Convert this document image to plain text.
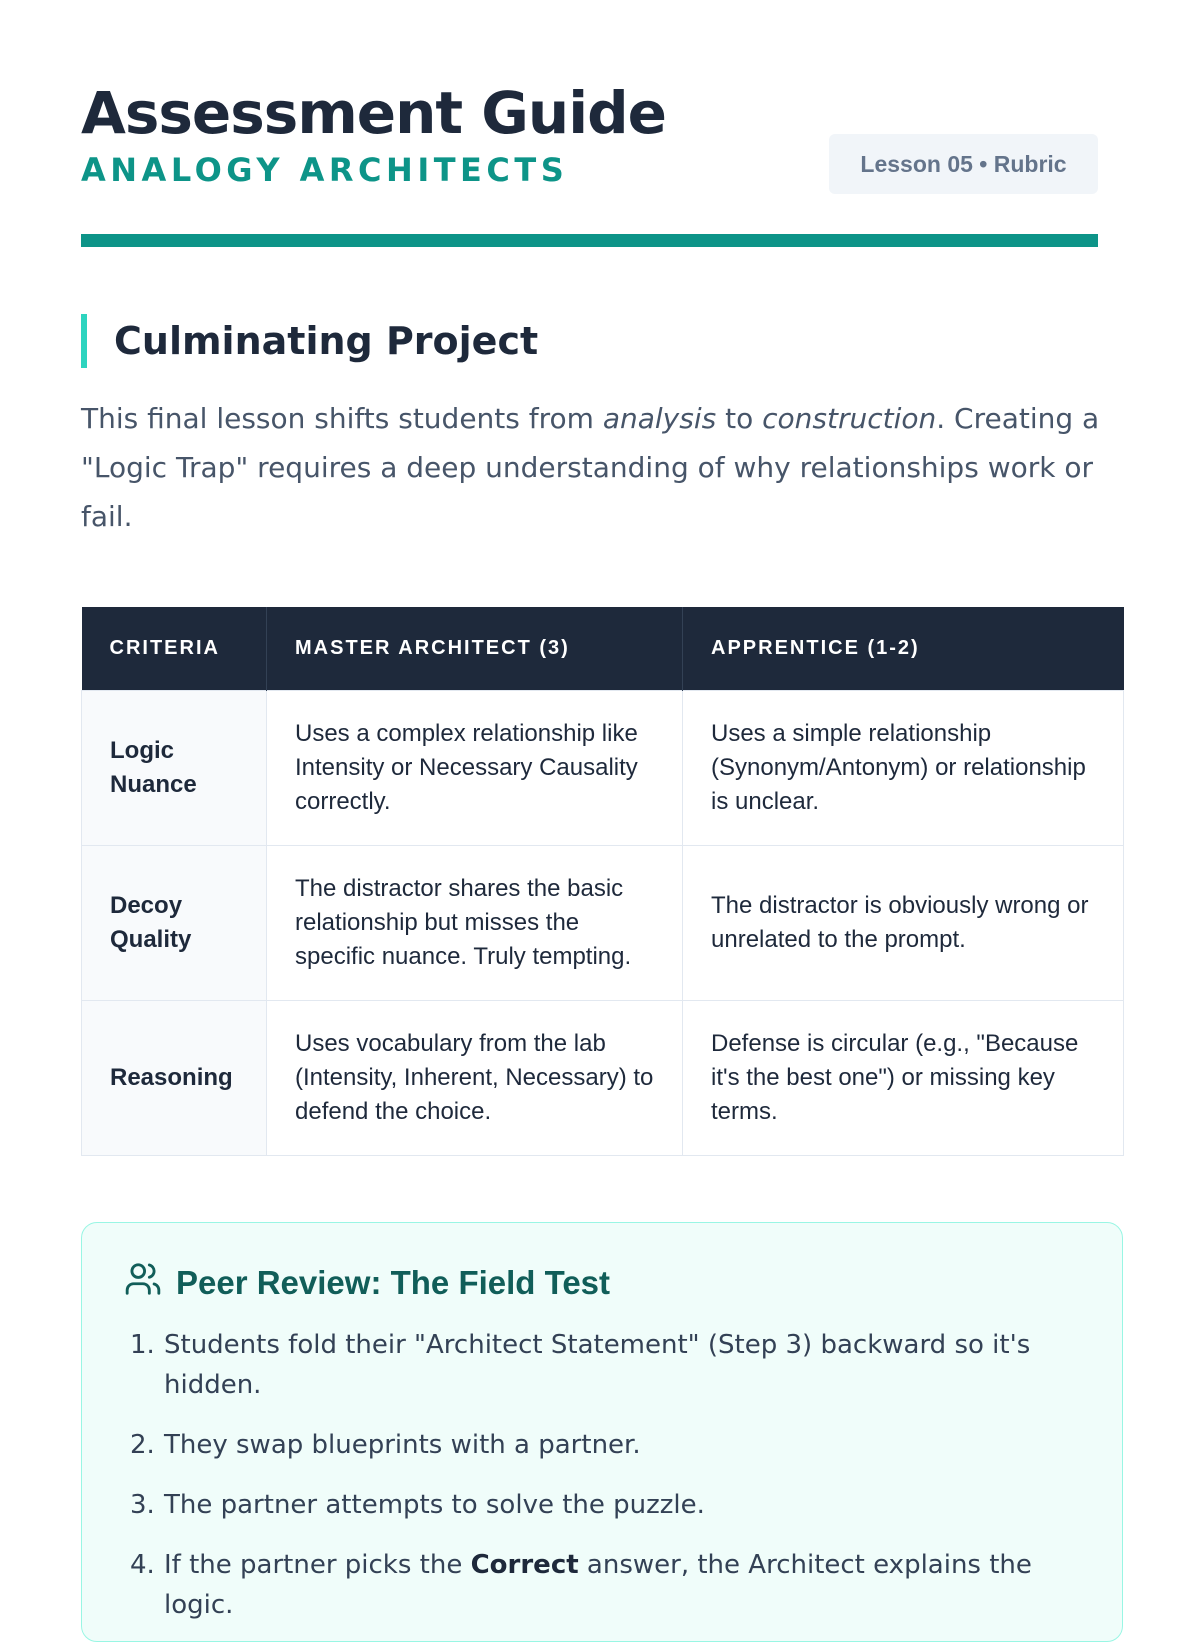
Assessment Guide
ANALOGY ARCHITECTS	Lesson 05 • Rubric
Culminating Project

This final lesson shifts students from analysis to construction. Creating a "Logic Trap" requires a deep understanding of why relationships work or fail.

CRITERIA	MASTER ARCHITECT (3)	APPRENTICE (1-2)
Logic Nuance	Uses a complex relationship like Intensity or Necessary Causality correctly.	Uses a simple relationship (Synonym/Antonym) or relationship is unclear.
Decoy Quality	The distractor shares the basic relationship but misses the specific nuance. Truly tempting.	The distractor is obviously wrong or unrelated to the prompt.
Reasoning	Uses vocabulary from the lab (Intensity, Inherent, Necessary) to defend the choice.	Defense is circular (e.g., "Because it's the best one") or missing key terms.
Peer Review: The Field Test
1. Students fold their "Architect Statement" (Step 3) backward so it's hidden.
2. They swap blueprints with a partner.
3. The partner attempts to solve the puzzle.
4. If the partner picks the Correct answer, the Architect explains the logic.
